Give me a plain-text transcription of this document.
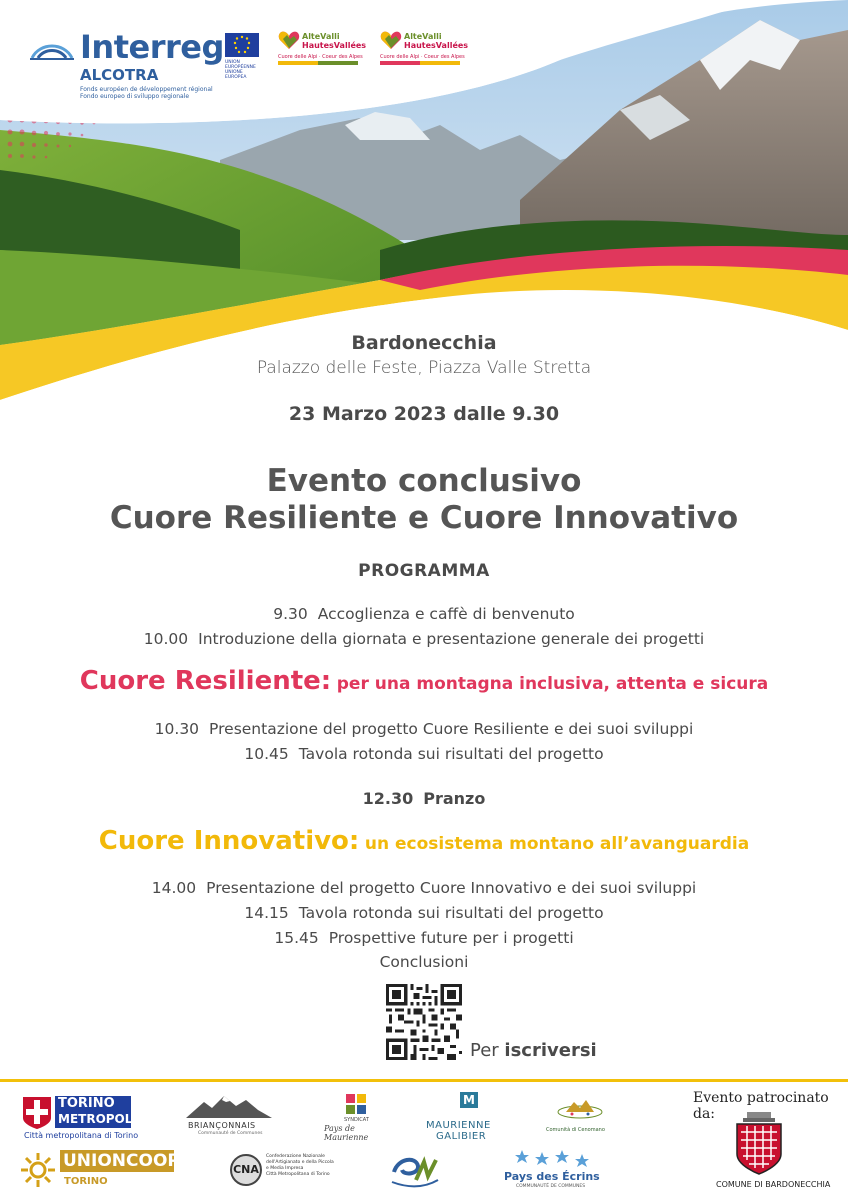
Interreg
ALCOTRA
Fonds européen de développement régional
Fondo europeo di sviluppo regionale
UNION EUROPÉENNE
UNIONE EUROPEA
AlteValli
HautesVallées
Cuore delle Alpi · Coeur des Alpes
AlteValli
HautesVallées
Cuore delle Alpi · Coeur des Alpes
Bardonecchia
Palazzo delle Feste, Piazza Valle Stretta
23 Marzo 2023 dalle 9.30
Evento conclusivo
Cuore Resiliente e Cuore Innovativo
PROGRAMMA
9.30 Accoglienza e caffè di benvenuto
10.00 Introduzione della giornata e presentazione generale dei progetti
Cuore Resiliente: per una montagna inclusiva, attenta e sicura
10.30 Presentazione del progetto Cuore Resiliente e dei suoi sviluppi
10.45 Tavola rotonda sui risultati del progetto
12.30 Pranzo
Cuore Innovativo: un ecosistema montano all’avanguardia
14.00 Presentazione del progetto Cuore Innovativo e dei suoi sviluppi
14.15 Tavola rotonda sui risultati del progetto
15.45 Prospettive future per i progetti
Conclusioni
Per iscriversi
TORINO
METROPOLI
Città metropolitana di Torino
BRIANÇONNAIS
Communauté de Communes
SYNDICAT
Pays de Maurienne
M
MAURIENNE
GALIBIER
Comunità di Cenomano
Evento patrocinato da:
COMUNE DI BARDONECCHIA
UNIONCOOP
TORINO
CNA
Confederazione Nazionale
dell'Artigianato e della Piccola
e Media Impresa
Città Metropolitana di Torino	Pays des Écrins
COMMUNAUTÉ DE COMMUNES
